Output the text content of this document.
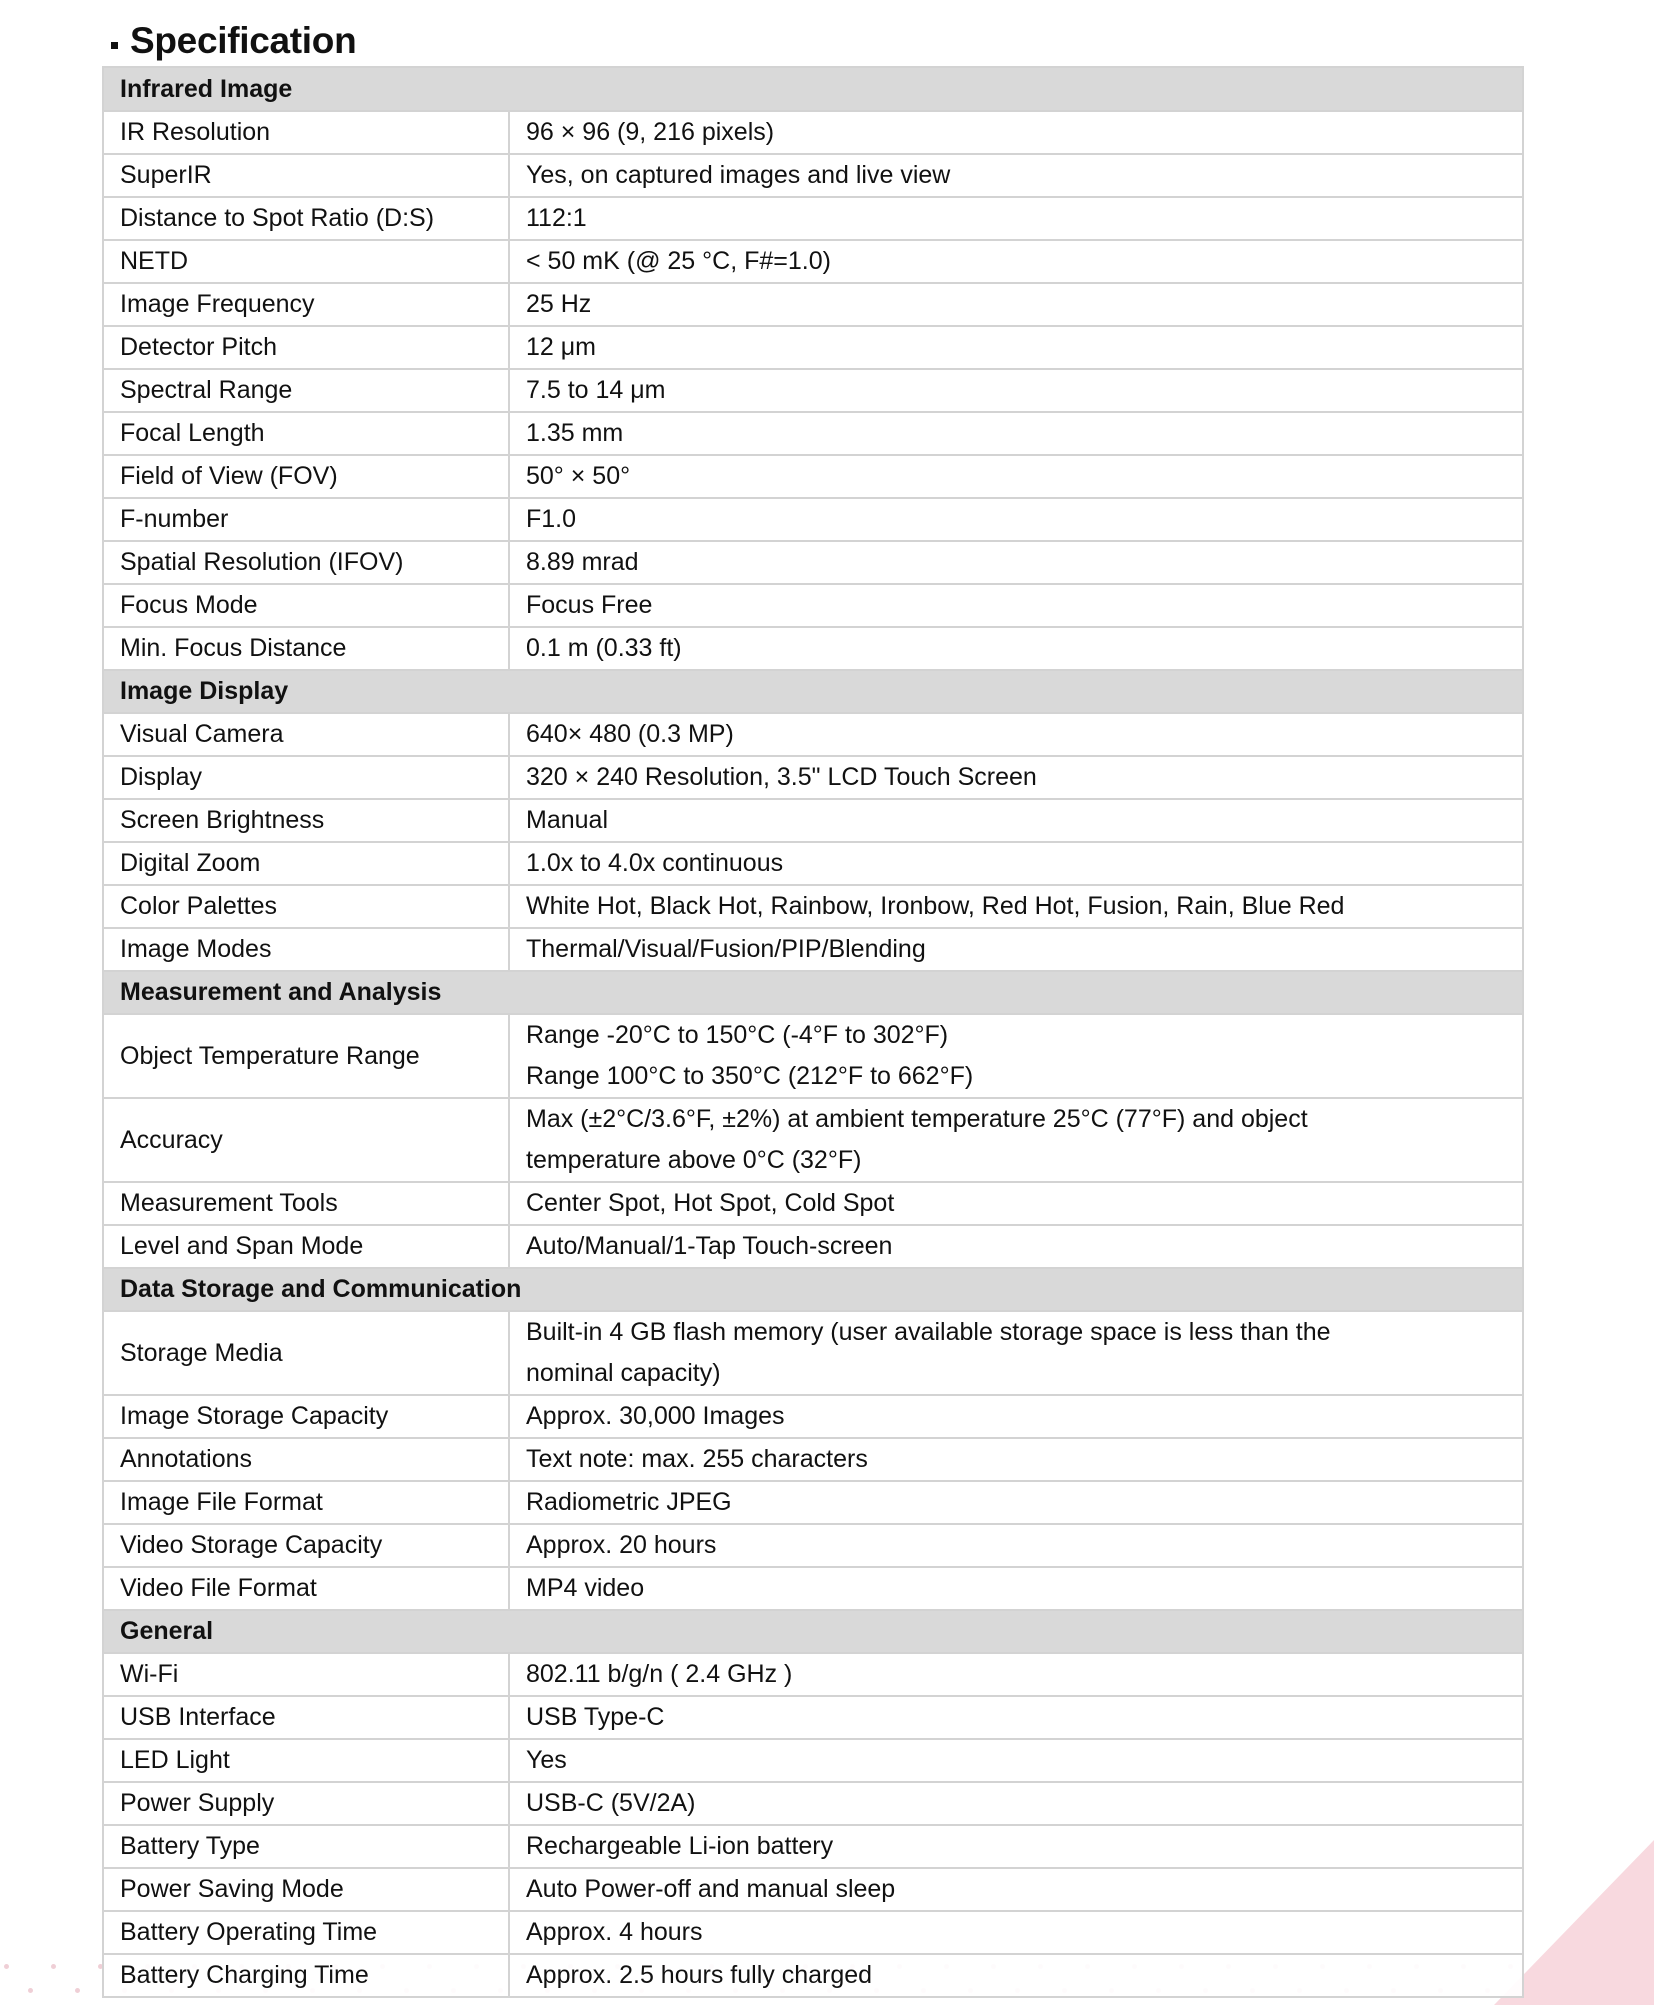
Specification
Infrared Image	
IR Resolution	96 × 96 (9, 216 pixels)

SuperIR	Yes, on captured images and live view

Distance to Spot Ratio (D:S)	112:1

NETD	< 50 mK (@ 25 °C, F#=1.0)

Image Frequency	25 Hz

Detector Pitch	12 μm

Spectral Range	7.5 to 14 μm

Focal Length	1.35 mm

Field of View (FOV)	50° × 50°

F-number	F1.0

Spatial Resolution (IFOV)	8.89 mrad

Focus Mode	Focus Free

Min. Focus Distance	0.1 m (0.33 ft)

Image Display	
Visual Camera	640× 480 (0.3 MP)

Display	320 × 240 Resolution, 3.5" LCD Touch Screen

Screen Brightness	Manual

Digital Zoom	1.0x to 4.0x continuous

Color Palettes	White Hot, Black Hot, Rainbow, Ironbow, Red Hot, Fusion, Rain, Blue Red

Image Modes	Thermal/Visual/Fusion/PIP/Blending

Measurement and Analysis	
Object Temperature Range	Range -20°C to 150°C (-4°F to 302°F)
Range 100°C to 350°C (212°F to 662°F)

Accuracy	Max (±2°C/3.6°F, ±2%) at ambient temperature 25°C (77°F) and object
temperature above 0°C (32°F)

Measurement Tools	Center Spot, Hot Spot, Cold Spot

Level and Span Mode	Auto/Manual/1-Tap Touch-screen

Data Storage and Communication	
Storage Media	Built-in 4 GB flash memory (user available storage space is less than the
nominal capacity)

Image Storage Capacity	Approx. 30,000 Images

Annotations	Text note: max. 255 characters

Image File Format	Radiometric JPEG

Video Storage Capacity	Approx. 20 hours

Video File Format	MP4 video

General	
Wi-Fi	802.11 b/g/n ( 2.4 GHz )

USB Interface	USB Type-C

LED Light	Yes

Power Supply	USB-C (5V/2A)

Battery Type	Rechargeable Li-ion battery

Power Saving Mode	Auto Power-off and manual sleep

Battery Operating Time	Approx. 4 hours

Battery Charging Time	Approx. 2.5 hours fully charged
